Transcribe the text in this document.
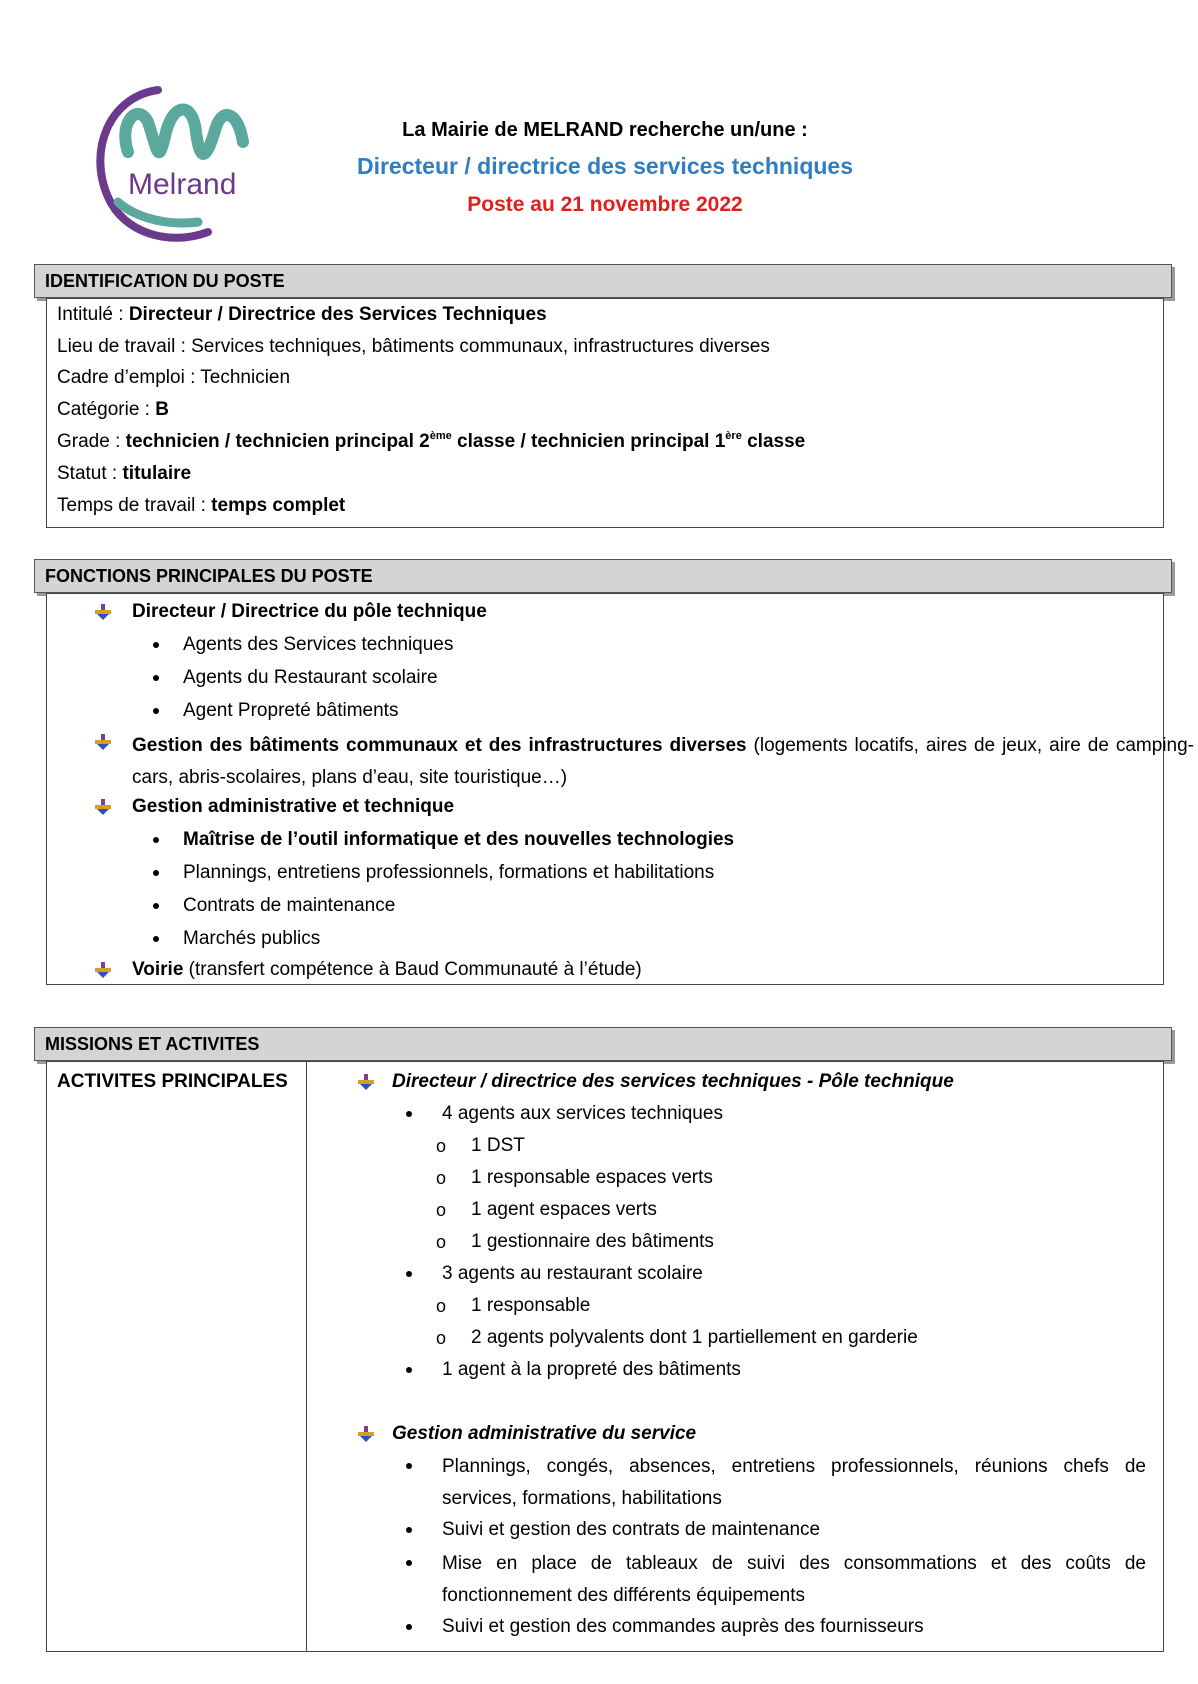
Melrand
La Mairie de MELRAND recherche un/une :
Directeur / directrice des services techniques
Poste au 21 novembre 2022
IDENTIFICATION DU POSTE
Intitulé : Directeur / Directrice des Services Techniques
Lieu de travail : Services techniques, bâtiments communaux, infrastructures diverses
Cadre d’emploi : Technicien
Catégorie : B
Grade : technicien / technicien principal 2ème classe / technicien principal 1ère classe
Statut : titulaire
Temps de travail : temps complet
FONCTIONS PRINCIPALES DU POSTE
Directeur / Directrice du pôle technique
Agents des Services techniques
Agents du Restaurant scolaire
Agent Propreté bâtiments
Gestion des bâtiments communaux et des infrastructures diverses (logements locatifs, aires de jeux, aire de camping-cars, abris-scolaires, plans d’eau, site touristique…)
Gestion administrative et technique
Maîtrise de l’outil informatique et des nouvelles technologies
Plannings, entretiens professionnels, formations et habilitations
Contrats de maintenance
Marchés publics
Voirie (transfert compétence à Baud Communauté à l’étude)
MISSIONS ET ACTIVITES
ACTIVITES PRINCIPALES	Directeur / directrice des services techniques - Pôle technique
4 agents aux services techniques
o 1 DST
o 1 responsable espaces verts
o 1 agent espaces verts
o 1 gestionnaire des bâtiments
3 agents au restaurant scolaire
o 1 responsable
o 2 agents polyvalents dont 1 partiellement en garderie
1 agent à la propreté des bâtiments
Gestion administrative du service
Plannings, congés, absences, entretiens professionnels, réunions chefs de services, formations, habilitations
Suivi et gestion des contrats de maintenance
Mise en place de tableaux de suivi des consommations et des coûts de fonctionnement des différents équipements
Suivi et gestion des commandes auprès des fournisseurs
